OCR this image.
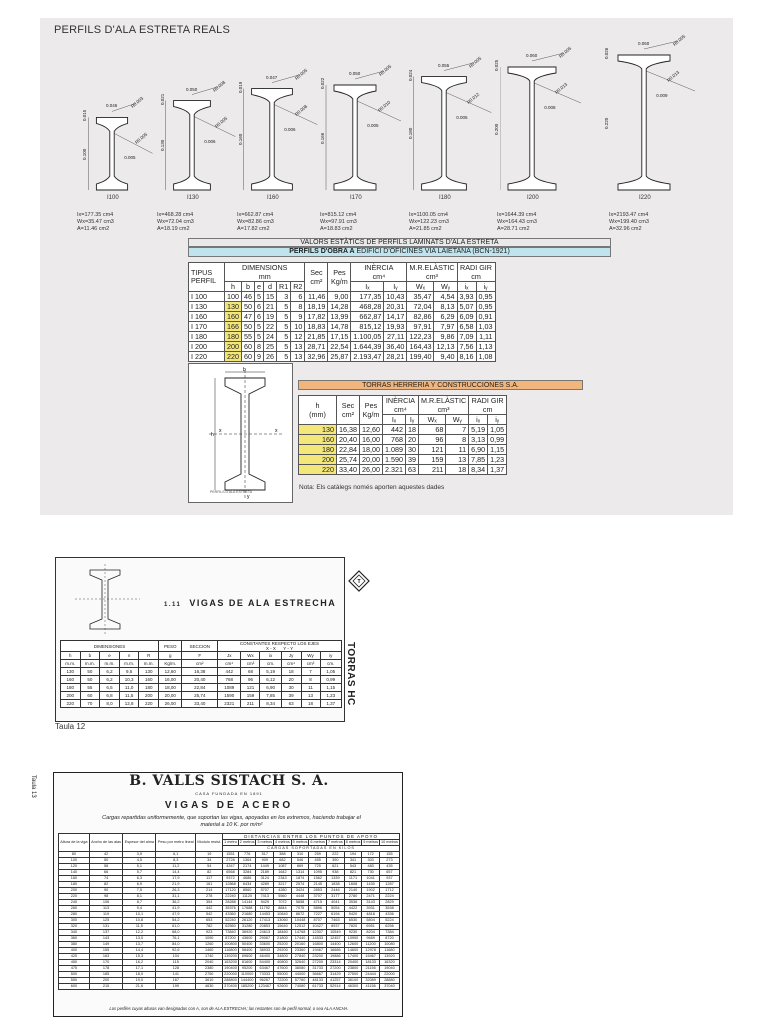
PERFILS D'ALA ESTRETA REALS
0.046
0.015
0.100	0.005
R0.003
R0.005
I100
Ix=177.35 cm4
Wx=35.47 cm3
A=11.46 cm2
0.050
0.021
0.130	0.006
R0.008
R0.005
I130
Ix=468.28 cm4
Wx=72.04 cm3
A=18.19 cm2
0.047
0.019
0.160
0.006
R0.005
R0.008
I160
Ix=662.87 cm4
Wx=82.86 cm3
A=17.82 cm2
0.050
0.022
0.166
0.005
R0.005
R0.010
I170
Ix=815.12 cm4
Wx=97.91 cm3
A=18.83 cm2
0.055
0.024
0.180
0.005
R0.005
R0.012
I180
Ix=1100.05 cm4
Wx=122.23 cm3
A=21.85 cm2
0.060
0.025
0.200
0.008
R0.005
R0.013
I200
Ix=1644.39 cm4
Wx=164.43 cm3
A=28.71 cm2
0.060
0.026
0.220
0.009
R0.005
R0.013
I220
Ix=2193.47 cm4
Wx=199.40 cm3
A=32.96 cm2
VALORS ESTÀTICS DE PERFILS LAMINATS D'ALA ESTRETA
PERFILS D'OBRA A EDIFICI D'OFICINES VIA LAIETANA (BCN-1921)
TIPUS PERFIL	DIMENSIONS
mm						Sec
cm²	Pes
Kg/m	INÈRCIA
cm⁴		M.R.ELÀSTIC
cm³		RADI GIR
cm	
	h	b	e	d	R1	R2			Iₓ	Iᵧ	Wₓ	Wᵧ	iₓ	iᵧ
I 100	100	46	5	15	3	6	11,46	9,00	177,35	10,43	35,47	4,54	3,93	0,95
I 130	130	50	6	21	5	8	18,19	14,28	468,28	20,31	72,04	8,13	5,07	0,95
I 160	160	47	6	19	5	9	17,82	13,99	662,87	14,17	82,86	6,29	6,09	0,91
I 170	166	50	5	22	5	10	18,83	14,78	815,12	19,93	97,91	7,97	6,58	1,03
I 180	180	55	5	24	5	12	21,85	17,15	1.100,05	27,11	122,23	9,86	7,09	1,11
I 200	200	60	8	25	5	13	28,71	22,54	1.644,39	36,40	164,43	12,13	7,56	1,13
I 220	220	60	9	26	5	13	32,96	25,87	2.193,47	28,21	199,40	9,40	8,16	1,08
h
b
x	x
y
PERFILS D'ALA ESTRETA
TORRAS HERRERIA Y CONSTRUCCIONES S.A.
h
(mm)	Sec
cm²	Pes
Kg/m	INÈRCIA
cm⁴		M.R.ELÀSTIC
cm³		RADI GIR
cm	
			Iₓ	Iᵧ	Wₓ	Wᵧ	iₓ	iᵧ
130	16,38	12,60	442	18	68	7	5,19	1,05
160	20,40	16,00	768	20	96	8	3,13	0,99
180	22,84	18,00	1.089	30	121	11	6,90	1,15
200	25,74	20,00	1.590	39	159	13	7,85	1,23
220	33,40	26,00	2.321	63	211	18	8,34	1,37
Nota: Els catàlegs només aporten aquestes dades
1.11 VIGAS DE ALA ESTRECHA
DIMENSIONES					PESO	SECCION	CONSTANTES RESPECTO LOS EJES
X - X Y - Y					
h	b	e	n	R	g	F	Jx	Wx	ix	Jy	Wy	iy
m.m.	m.m.	m.m.	m.m.	m.m.	Kg/m.	cm²	cm⁴	cm³	cm.	cm⁴	cm³	cm.
130	50	6,2	9,5	130	12,60	16,38	442	68	5,19	18	7	1,05
160	50	6,2	10,3	160	16,00	20,40	768	96	6,12	20	8	0,99
180	55	6,5	11,0	180	18,00	22,84	1089	121	6,90	30	11	1,15
200	60	6,8	11,5	200	20,00	25,74	1590	159	7,85	39	13	1,23
220	70	8,0	12,8	220	26,00	33,40	2321	211	8,34	63	18	1,37
T
TORRAS HC
Taula 12
Taula 13	B. VALLS SISTACH S. A.
CASA FUNDADA EN 1891
VIGAS DE ACERO
Cargas repartidas uniformemente, que soportan las vigas, apoyadas en los extremos, haciendo trabajar el material a 10 K. por m/m²
Altura de la viga	Ancho de las alas	Espesor del alma	Peso por metro lineal	Modulo resist.	DISTANCIAS ENTRE LOS PUNTOS DE APOYO									
					1 metro	2 metros	3 metros	4 metros	5 metros	6 metros	7 metros	8 metros	9 metros	10 metros
					CARGAS SOPORTADAS EN KILOS									
80	42	3,9	6,1	19	1551	776	517	388	310	259	222	194	172	155
100	50	4,5	8,3	34	2728	1364	909	682	546	455	390	341	303	273
120	58	5,1	11,2	54	4347	2174	1449	1087	869	725	621	543	483	435
140	66	5,7	14,4	82	6568	3284	2189	1642	1314	1095	938	821	730	657
160	74	6,3	17,9	117	9372	4686	3124	2343	1874	1562	1339	1171	1041	937
180	82	6,9	21,9	161	12868	6434	4289	3217	2574	2145	1838	1608	1430	1287
200	90	7,5	26,3	214	17120	8560	5707	4280	3424	2853	2446	2140	1902	1712
220	98	8,1	31,1	278	22240	11120	7413	5560	4448	3707	3177	2780	2471	2224
240	106	8,7	36,2	354	28288	14144	9429	7072	5658	4715	4041	3536	3143	2829
260	113	9,4	41,9	442	35376	17688	11792	8844	7075	5896	5054	4422	3931	3538
280	119	10,1	47,9	542	43360	21680	14453	10840	8672	7227	6194	5420	4818	4336
300	125	10,8	54,2	653	52240	26120	17413	13060	10448	8707	7463	6530	5804	5224
320	131	11,5	61,0	782	62560	31280	20853	15640	12512	10427	8937	7820	6951	6256
340	137	12,2	68,0	923	73840	36920	24613	18460	14768	12307	10549	9230	8204	7384
360	143	13,0	76,1	1090	87200	43600	29067	21800	17440	14533	12457	10900	9689	8720
380	149	13,7	84,0	1260	100800	50400	33600	25200	20160	16800	14400	12600	11200	10080
400	155	14,4	92,6	1460	116800	58400	38933	29200	23360	19467	16686	14600	12978	11680
425	163	15,3	104	1740	139200	69600	46400	34800	27840	23200	19886	17400	15467	13920
450	170	16,2	115	2040	163200	81600	54400	40800	32640	27200	23314	20400	18133	16320
475	178	17,1	128	2380	190400	95200	63467	47600	38080	31733	27200	23800	21156	19040
500	185	18,0	141	2750	220000	110000	73333	55000	44000	36667	31429	27500	24444	22000
550	200	19,0	167	3610	288800	144400	96267	72200	57760	48133	41257	36100	32089	28880
600	215	21,6	199	4630	370400	185200	123467	92600	74080	61733	52914	46300	41156	37040
Los perfiles cuyas alturas van designadas con A, son de ALA ESTRECHA; las restantes son de perfil normal, o sea ALA ANCHA.
